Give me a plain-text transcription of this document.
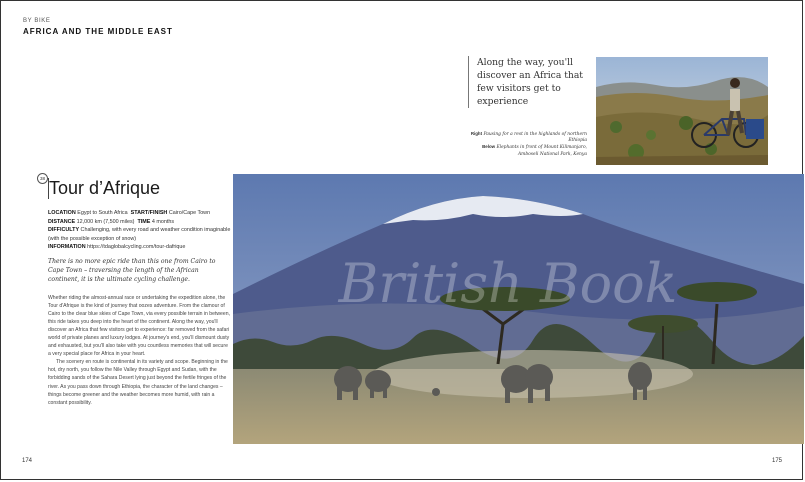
BY BIKE
AFRICA AND THE MIDDLE EAST
Along the way, you'll discover an Africa that few visitors get to experience
Right Pausing for a rest in the highlands of northern Ethiopia
Below Elephants in front of Mount Kilimanjaro, Amboseli National Park, Kenya
British Book
38 Tour d’Afrique
LOCATION Egypt to South Africa START/FINISH Cairo/Cape Town  DISTANCE 12,000 km (7,500 miles) TIME 4 months
DIFFICULTY Challenging, with every road and weather condition imaginable (with the possible exception of snow)
INFORMATION https://tdaglobalcycling.com/tour-dafrique
There is no more epic ride than this one from Cairo to Cape Town – traversing the length of the African continent, it is the ultimate cycling challenge.

Whether riding the almost-annual race or undertaking the expedition alone, the Tour d'Afrique is the kind of journey that oozes adventure. From the clamour of Cairo to the clear blue skies of Cape Town, via every possible terrain in between, this ride takes you deep into the heart of the continent. Along the way, you'll discover an Africa that few visitors get to experience: far removed from the safari world of private planes and luxury lodges. At journey's end, you'll dismount dusty and exhausted, but you'll also take with you countless memories that will secure a very special place for Africa in your heart.

The scenery en route is continental in its variety and scope. Beginning in the hot, dry north, you follow the Nile Valley through Egypt and Sudan, with the forbidding sands of the Sahara Desert lying just beyond the fertile fringes of the river. As you pass down through Ethiopia, the character of the land changes – things become greener and the weather becomes more humid, with rain a constant possibility.

174	175
